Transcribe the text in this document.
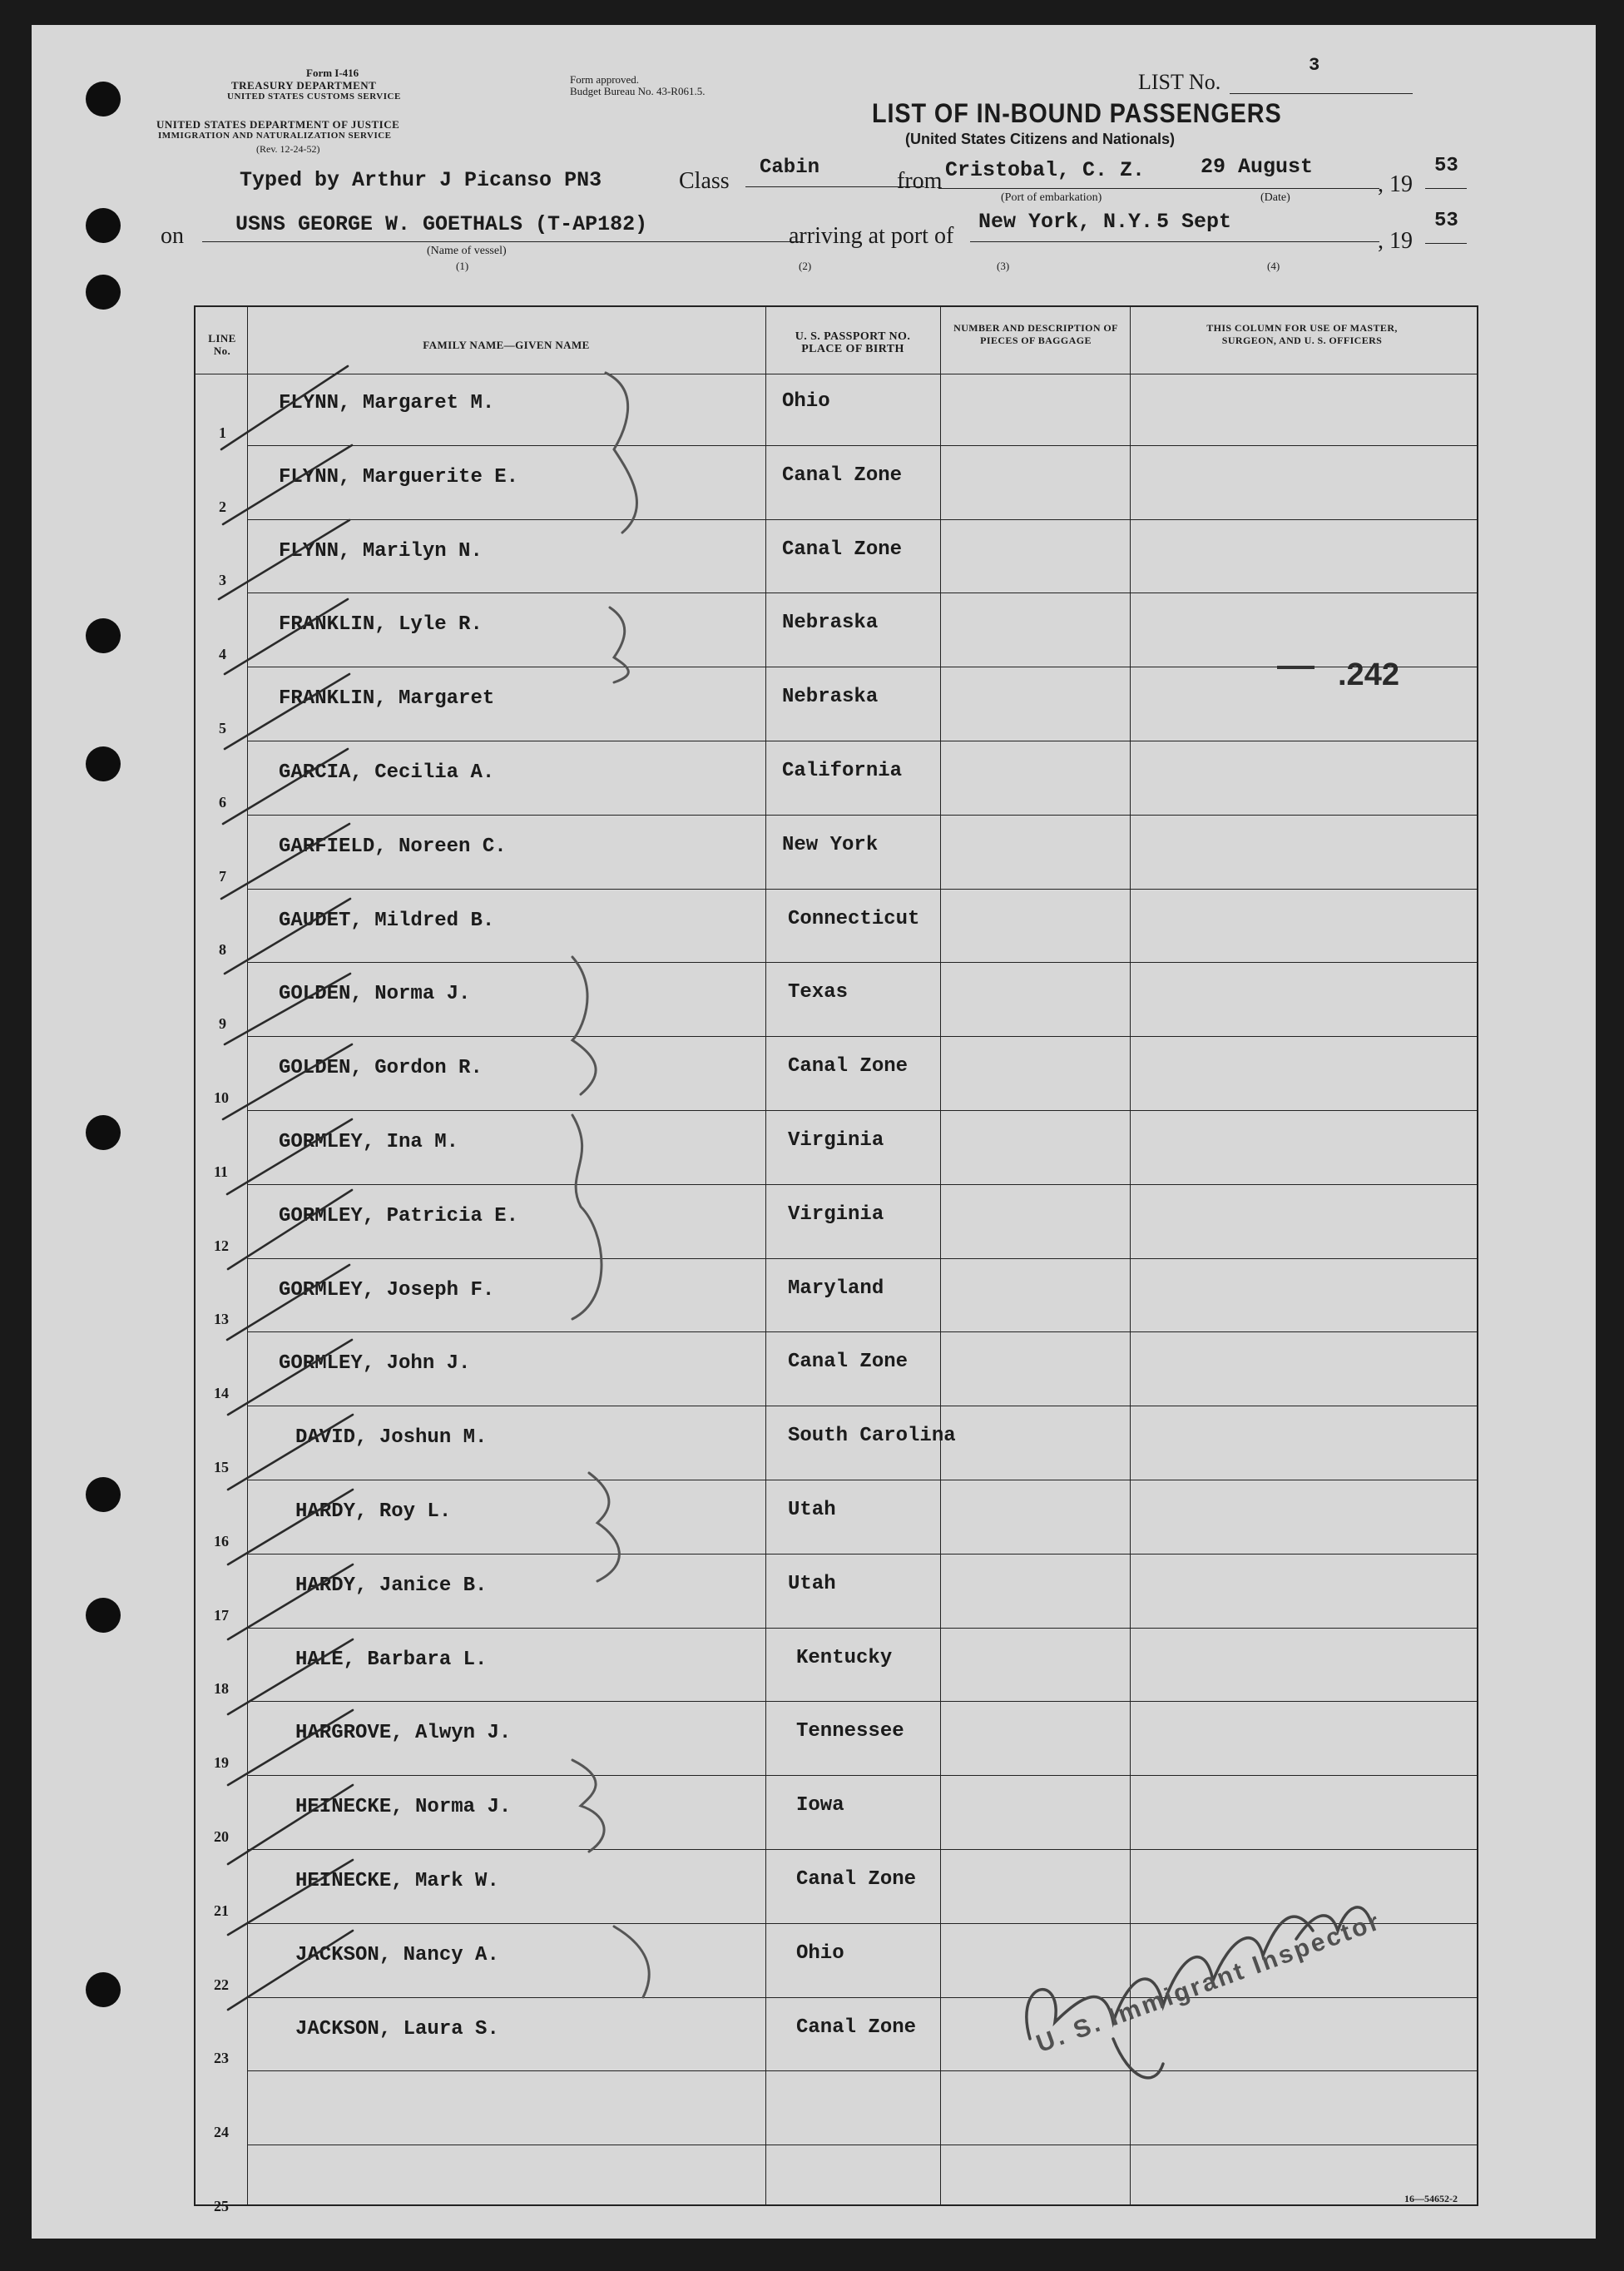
Form I-416
TREASURY DEPARTMENT
UNITED STATES CUSTOMS SERVICE
UNITED STATES DEPARTMENT OF JUSTICE
IMMIGRATION AND NATURALIZATION SERVICE
(Rev. 12-24-52)
Form approved.
Budget Bureau No. 43-R061.5.	LIST No.
3
LIST OF IN-BOUND PASSENGERS
(United States Citizens and Nationals)
Typed by Arthur J Picanso PN3	Class
Cabin
from Cristobal, C. Z.	29 August
(Port of embarkation)	(Date)
, 19
53
on USNS GEORGE W. GOETHALS (T-AP182)
(Name of vessel)
arriving at port of
New York, N.Y. 5 Sept
, 19
53
(1)	(2)	(3)	(4)
LINE No.	FAMILY NAME—GIVEN NAME
U. S. PASSPORT NO. PLACE OF BIRTH
NUMBER AND DESCRIPTION OF PIECES OF BAGGAGE
THIS COLUMN FOR USE OF MASTER, SURGEON, AND U. S. OFFICERS
1
FLYNN, Margaret M.	Ohio
2
FLYNN, Marguerite E.	Canal Zone
3
FLYNN, Marilyn N.	Canal Zone
4
FRANKLIN, Lyle R.	Nebraska
5
FRANKLIN, Margaret	Nebraska
6
GARCIA, Cecilia A.	California
7
GARFIELD, Noreen C.	New York
8
GAUDET, Mildred B.	Connecticut
9
GOLDEN, Norma J.	Texas
10
GOLDEN, Gordon R.	Canal Zone
11
GORMLEY, Ina M.	Virginia
12
GORMLEY, Patricia E.	Virginia
13
GORMLEY, Joseph F.	Maryland
14
GORMLEY, John J.	Canal Zone
15
DAVID, Joshun M.	South Carolina
16
HARDY, Roy L.	Utah
17
HARDY, Janice B.	Utah
18
HALE, Barbara L.	Kentucky
19
HARGROVE, Alwyn J.	Tennessee
20
HEINECKE, Norma J.	Iowa
21
HEINECKE, Mark W.	Canal Zone
22
JACKSON, Nancy A.	Ohio
23
JACKSON, Laura S.	Canal Zone
24
25
.242
U. S. Immigrant Inspector
16—54652-2
